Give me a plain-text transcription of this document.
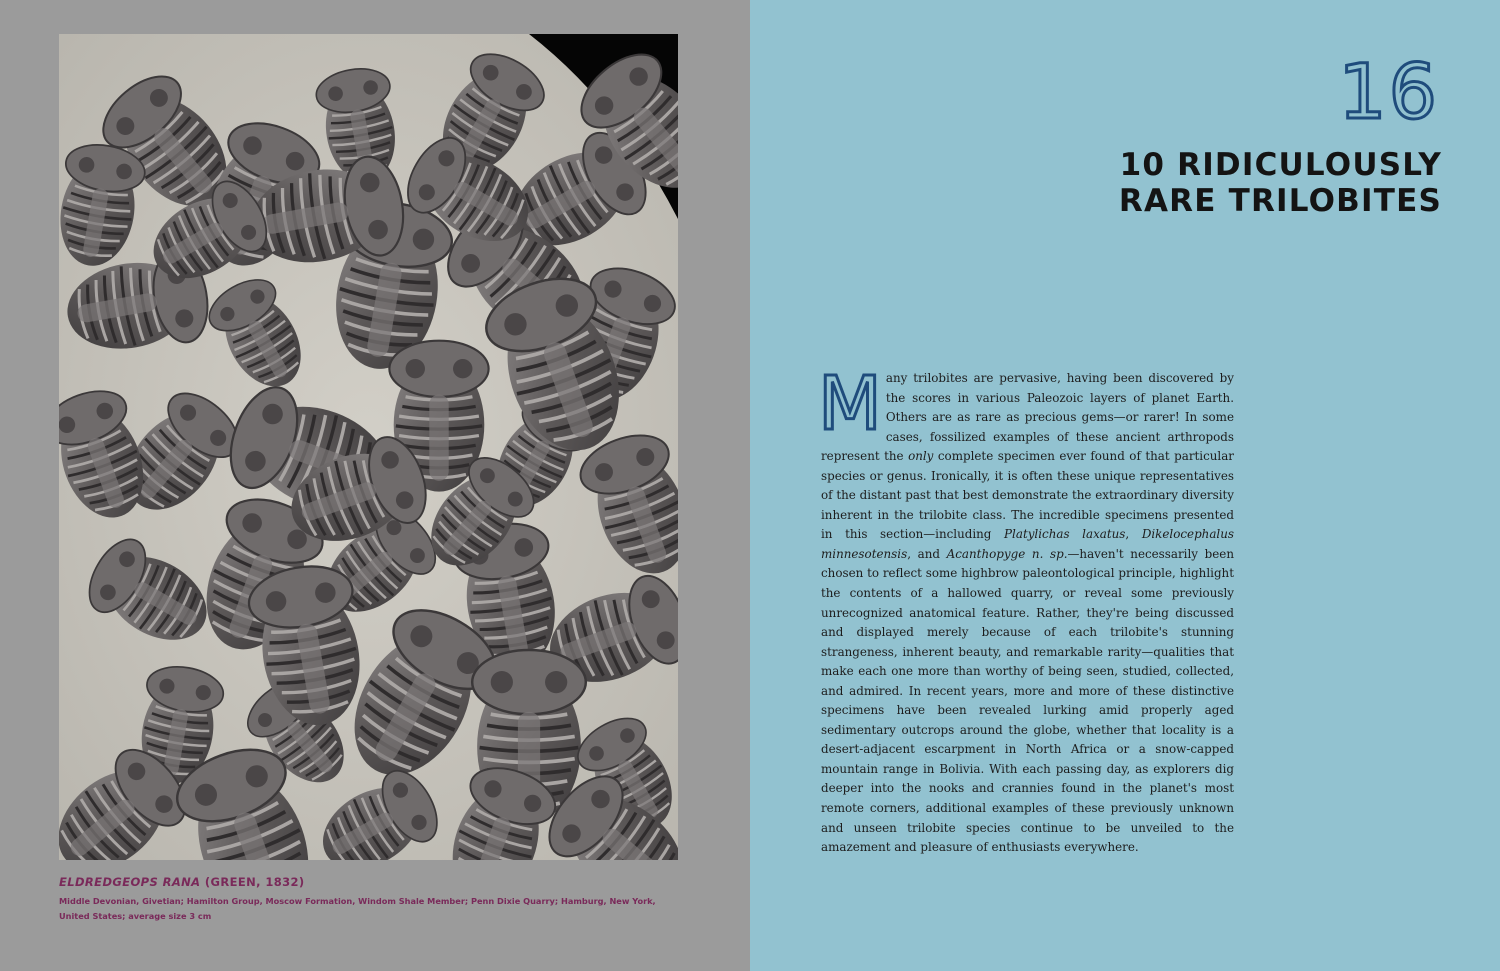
ELDREDGEOPS RANA (GREEN, 1832)
Middle Devonian, Givetian; Hamilton Group, Moscow Formation, Windom Shale Member; Penn Dixie Quarry; Hamburg, New York, United States; average size 3 cm
16
10 RIDICULOUSLY
RARE TRILOBITES
Many trilobites are pervasive, having been discovered by the scores in various Paleozoic layers of planet Earth. Others are as rare as precious gems—or rarer! In some cases, fossilized examples of these ancient arthropods represent the only complete specimen ever found of that particular species or genus. Ironically, it is often these unique representatives of the distant past that best demonstrate the extraordinary diversity inherent in the trilobite class. The incredible specimens presented in this section—including Platylichas laxatus, Dikelocephalus minnesotensis, and Acanthopyge n. sp.—haven't necessarily been chosen to reflect some highbrow paleontological principle, highlight the contents of a hallowed quarry, or reveal some previously unrecognized anatomical feature. Rather, they're being discussed and displayed merely because of each trilobite's stunning strangeness, inherent beauty, and remarkable rarity—qualities that make each one more than worthy of being seen, studied, collected, and admired. In recent years, more and more of these distinctive specimens have been revealed lurking amid properly aged sedimentary outcrops around the globe, whether that locality is a desert-adjacent escarpment in North Africa or a snow-capped mountain range in Bolivia. With each passing day, as explorers dig deeper into the nooks and crannies found in the planet's most remote corners, additional examples of these previously unknown and unseen trilobite species continue to be unveiled to the amazement and pleasure of enthusiasts everywhere.
